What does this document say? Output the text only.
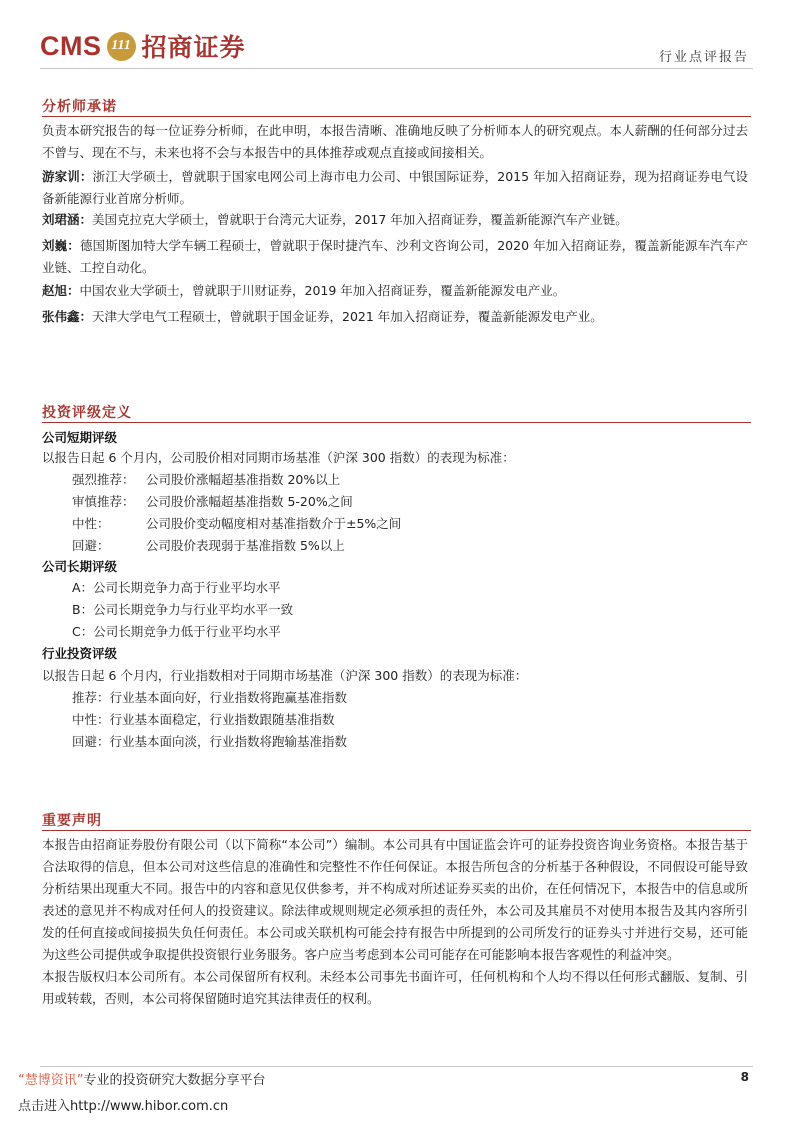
CMS 111 招商证券	行业点评报告
分析师承诺
负责本研究报告的每一位证券分析师，在此申明，本报告清晰、准确地反映了分析师本人的研究观点。本人薪酬的任何部分过去不曾与、现在不与，未来也将不会与本报告中的具体推荐或观点直接或间接相关。
游家训：浙江大学硕士，曾就职于国家电网公司上海市电力公司、中银国际证券，2015 年加入招商证券，现为招商证券电气设备新能源行业首席分析师。
刘珺涵：美国克拉克大学硕士，曾就职于台湾元大证券，2017 年加入招商证券，覆盖新能源汽车产业链。
刘巍：德国斯图加特大学车辆工程硕士，曾就职于保时捷汽车、沙利文咨询公司，2020 年加入招商证券，覆盖新能源车汽车产业链、工控自动化。
赵旭：中国农业大学硕士，曾就职于川财证券，2019 年加入招商证券，覆盖新能源发电产业。
张伟鑫：天津大学电气工程硕士，曾就职于国金证券，2021 年加入招商证券，覆盖新能源发电产业。
投资评级定义
公司短期评级
以报告日起 6 个月内，公司股价相对同期市场基准（沪深 300 指数）的表现为标准：
强烈推荐： 公司股价涨幅超基准指数 20%以上
审慎推荐： 公司股价涨幅超基准指数 5-20%之间
中性：	公司股价变动幅度相对基准指数介于±5%之间
回避：	公司股价表现弱于基准指数 5%以上
公司长期评级
A：公司长期竞争力高于行业平均水平
B：公司长期竞争力与行业平均水平一致
C：公司长期竞争力低于行业平均水平
行业投资评级
以报告日起 6 个月内，行业指数相对于同期市场基准（沪深 300 指数）的表现为标准：
推荐：行业基本面向好，行业指数将跑赢基准指数
中性：行业基本面稳定，行业指数跟随基准指数
回避：行业基本面向淡，行业指数将跑输基准指数
重要声明
本报告由招商证券股份有限公司（以下简称“本公司”）编制。本公司具有中国证监会许可的证券投资咨询业务资格。本报告基于合法取得的信息，但本公司对这些信息的准确性和完整性不作任何保证。本报告所包含的分析基于各种假设，不同假设可能导致分析结果出现重大不同。报告中的内容和意见仅供参考，并不构成对所述证券买卖的出价，在任何情况下，本报告中的信息或所表述的意见并不构成对任何人的投资建议。除法律或规则规定必须承担的责任外，本公司及其雇员不对使用本报告及其内容所引发的任何直接或间接损失负任何责任。本公司或关联机构可能会持有报告中所提到的公司所发行的证券头寸并进行交易，还可能为这些公司提供或争取提供投资银行业务服务。客户应当考虑到本公司可能存在可能影响本报告客观性的利益冲突。
本报告版权归本公司所有。本公司保留所有权利。未经本公司事先书面许可，任何机构和个人均不得以任何形式翻版、复制、引用或转载，否则，本公司将保留随时追究其法律责任的权利。
“慧博资讯”专业的投资研究大数据分享平台
点击进入http://www.hibor.com.cn
8
